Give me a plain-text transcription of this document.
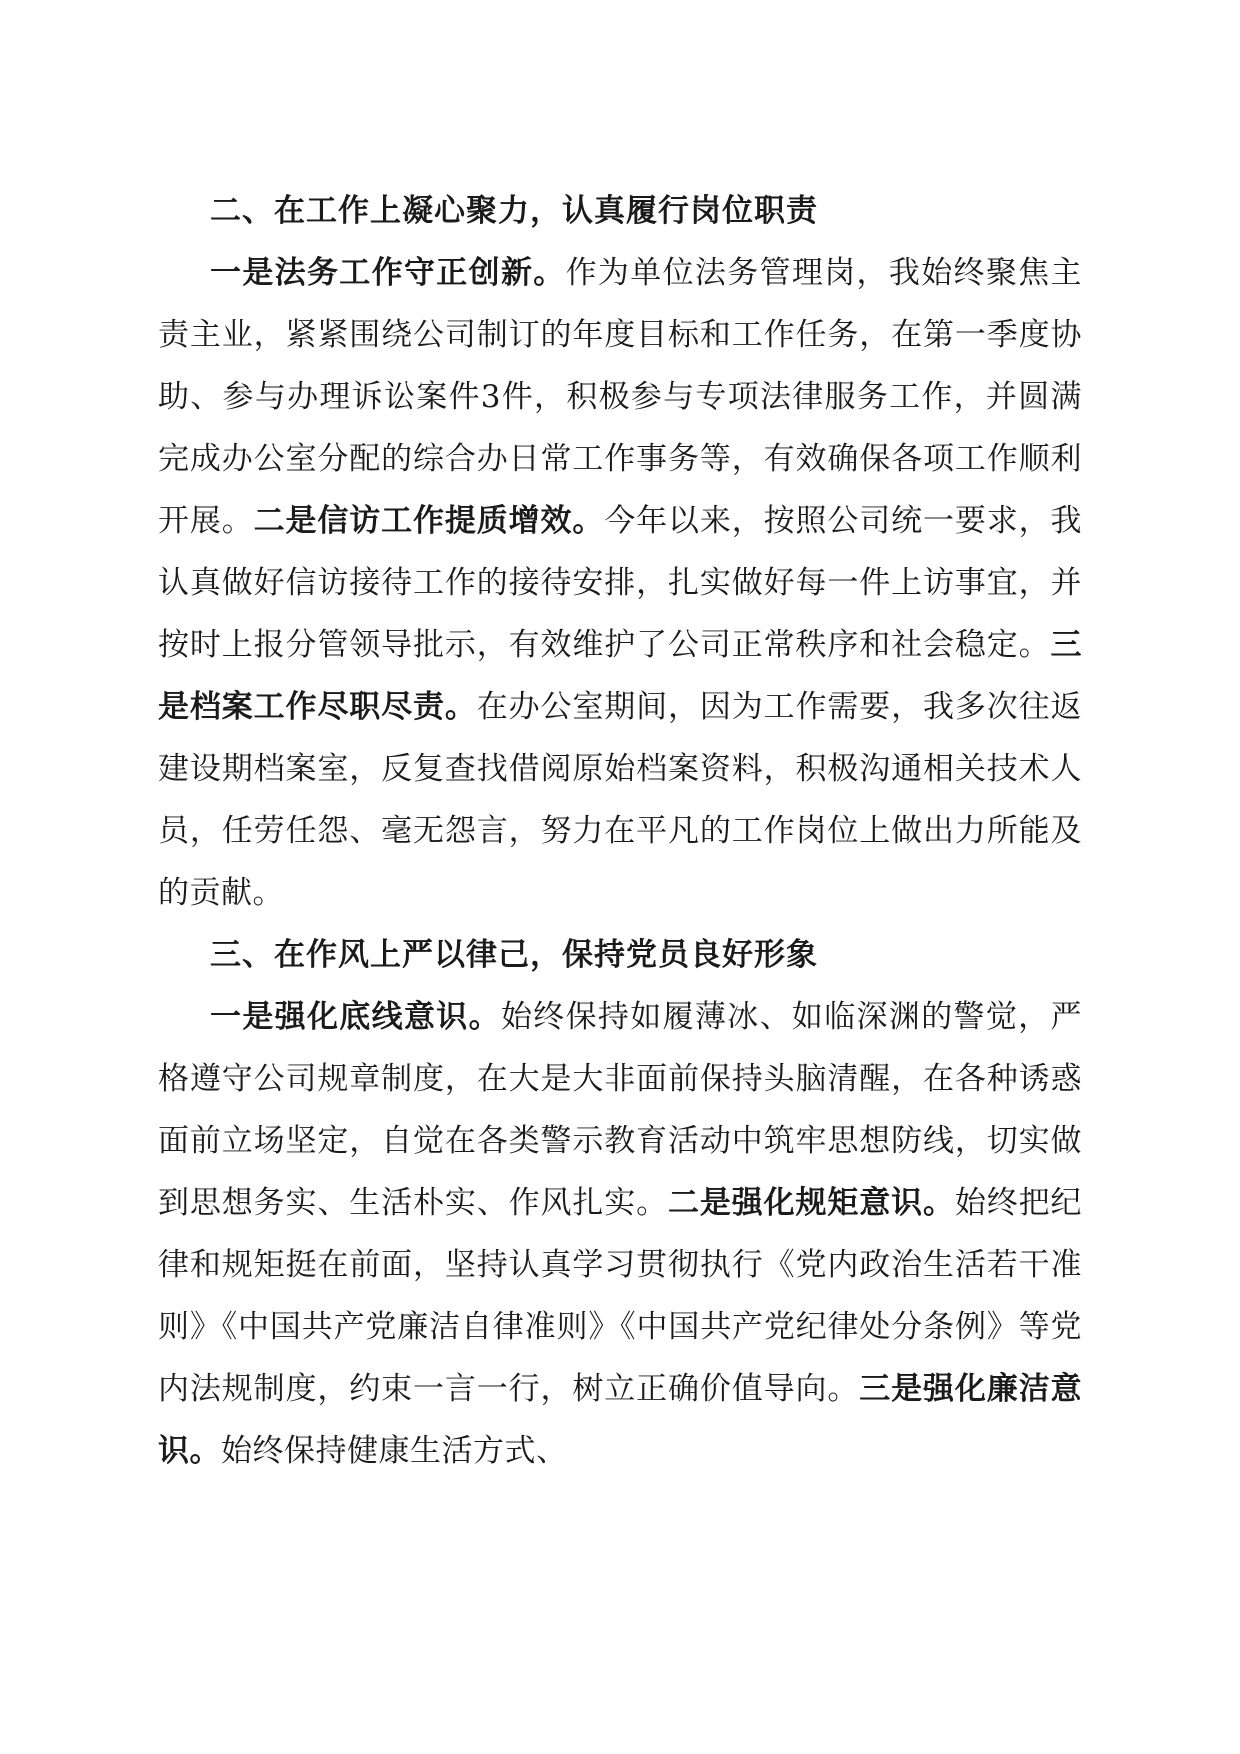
二、在工作上凝心聚力，认真履行岗位职责

一是法务工作守正创新。作为单位法务管理岗，我始终聚焦主责主业，紧紧围绕公司制订的年度目标和工作任务，在第一季度协助、参与办理诉讼案件3件，积极参与专项法律服务工作，并圆满完成办公室分配的综合办日常工作事务等，有效确保各项工作顺利开展。二是信访工作提质增效。今年以来，按照公司统一要求，我认真做好信访接待工作的接待安排，扎实做好每一件上访事宜，并按时上报分管领导批示，有效维护了公司正常秩序和社会稳定。三是档案工作尽职尽责。在办公室期间，因为工作需要，我多次往返建设期档案室，反复查找借阅原始档案资料，积极沟通相关技术人员，任劳任怨、毫无怨言，努力在平凡的工作岗位上做出力所能及的贡献。

三、在作风上严以律己，保持党员良好形象

一是强化底线意识。始终保持如履薄冰、如临深渊的警觉，严格遵守公司规章制度，在大是大非面前保持头脑清醒，在各种诱惑面前立场坚定，自觉在各类警示教育活动中筑牢思想防线，切实做到思想务实、生活朴实、作风扎实。二是强化规矩意识。始终把纪律和规矩挺在前面，坚持认真学习贯彻执行《党内政治生活若干准则》《中国共产党廉洁自律准则》《中国共产党纪律处分条例》等党内法规制度，约束一言一行，树立正确价值导向。三是强化廉洁意识。始终保持健康生活方式、
